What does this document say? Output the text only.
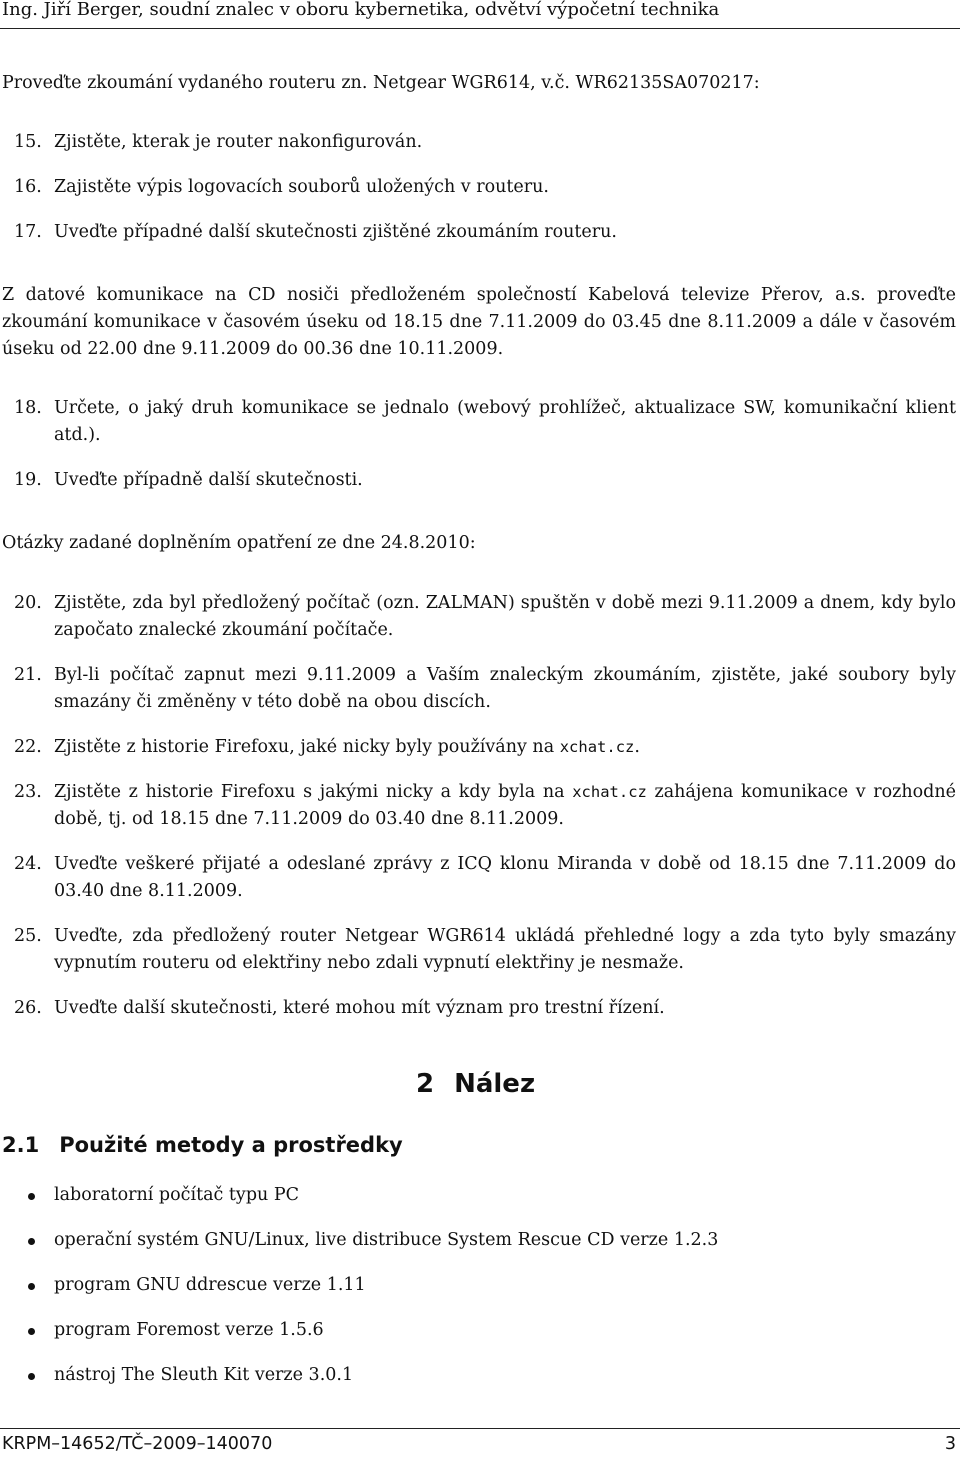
Ing. Jiří Berger, soudní znalec v oboru kybernetika, odvětví výpočetní technika
Proveďte zkoumání vydaného routeru zn. Netgear WGR614, v.č. WR62135SA070217:
15. Zjistěte, kterak je router nakonfigurován.
16. Zajistěte výpis logovacích souborů uložených v routeru.
17. Uveďte případné další skutečnosti zjištěné zkoumáním routeru.
Z datové komunikace na CD nosiči předloženém společností Kabelová televize Přerov, a.s. proveďte zkoumání komunikace v časovém úseku od 18.15 dne 7.11.2009 do 03.45 dne 8.11.2009 a dále v časovém úseku od 22.00 dne 9.11.2009 do 00.36 dne 10.11.2009.
18. Určete, o jaký druh komunikace se jednalo (webový prohlížeč, aktualizace SW, komunikační klient atd.).
19. Uveďte případně další skutečnosti.
Otázky zadané doplněním opatření ze dne 24.8.2010:
20. Zjistěte, zda byl předložený počítač (ozn. ZALMAN) spuštěn v době mezi 9.11.2009 a dnem, kdy bylo započato znalecké zkoumání počítače.
21. Byl-li počítač zapnut mezi 9.11.2009 a Vaším znaleckým zkoumáním, zjistěte, jaké soubory byly smazány či změněny v této době na obou discích.
22. Zjistěte z historie Firefoxu, jaké nicky byly používány na xchat.cz.
23. Zjistěte z historie Firefoxu s jakými nicky a kdy byla na xchat.cz zahájena komunikace v rozhodné době, tj. od 18.15 dne 7.11.2009 do 03.40 dne 8.11.2009.
24. Uveďte veškeré přijaté a odeslané zprávy z ICQ klonu Miranda v době od 18.15 dne 7.11.2009 do 03.40 dne 8.11.2009.
25. Uveďte, zda předložený router Netgear WGR614 ukládá přehledné logy a zda tyto byly smazány vypnutím routeru od elektřiny nebo zdali vypnutí elektřiny je nesmaže.
26. Uveďte další skutečnosti, které mohou mít význam pro trestní řízení.
2 Nález
2.1 Použité metody a prostředky
laboratorní počítač typu PC
operační systém GNU/Linux, live distribuce System Rescue CD verze 1.2.3
program GNU ddrescue verze 1.11
program Foremost verze 1.5.6
nástroj The Sleuth Kit verze 3.0.1
KRPM–14652/TČ–2009–140070	3
